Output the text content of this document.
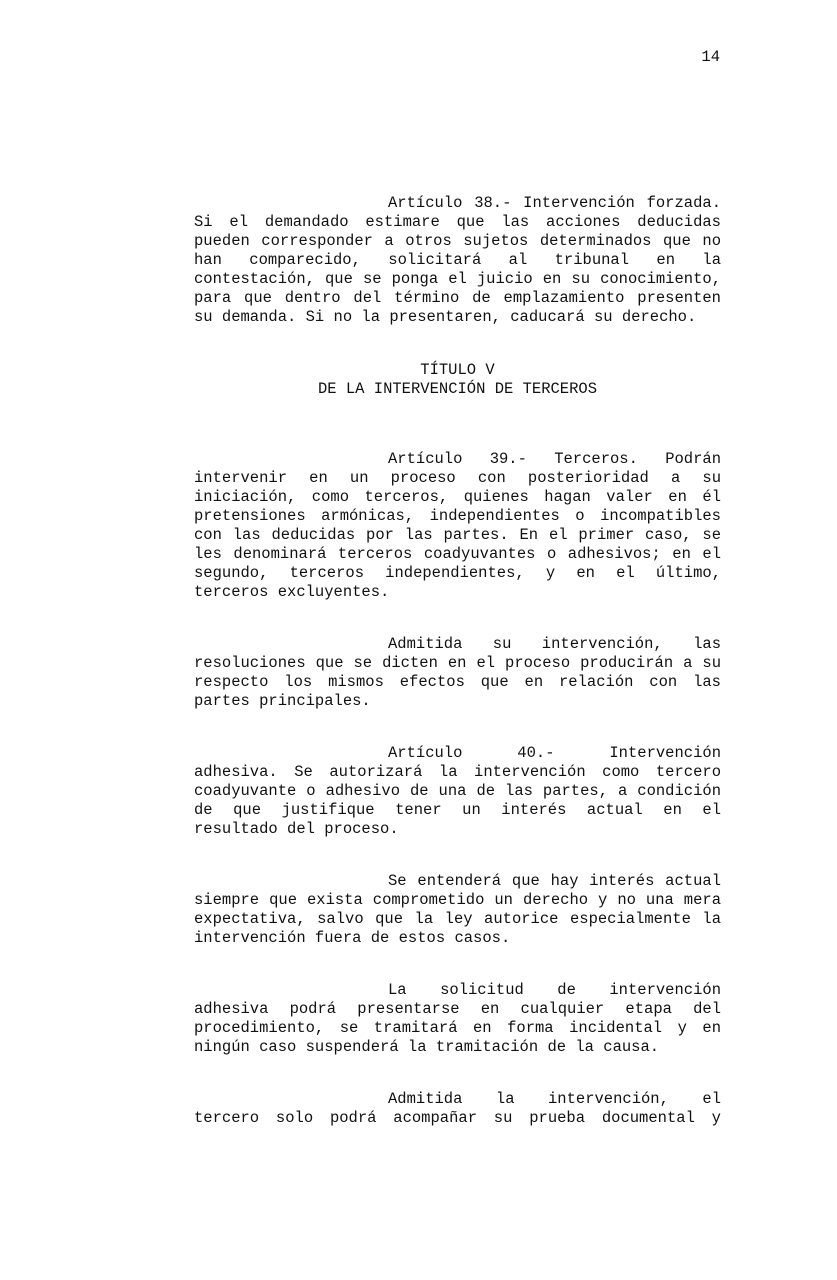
14

Artículo 38.- Intervención forzada. Si el demandado estimare que las acciones deducidas pueden corresponder a otros sujetos determinados que no han comparecido, solicitará al tribunal en la contestación, que se ponga el juicio en su conocimiento, para que dentro del término de emplazamiento presenten su demanda. Si no la presentaren, caducará su derecho.

TÍTULO V

DE LA INTERVENCIÓN DE TERCEROS

Artículo 39.- Terceros. Podrán intervenir en un proceso con posterioridad a su iniciación, como terceros, quienes hagan valer en él pretensiones armónicas, independientes o incompatibles con las deducidas por las partes. En el primer caso, se les denominará terceros coadyuvantes o adhesivos; en el segundo, terceros independientes, y en el último, terceros excluyentes.

Admitida su intervención, las resoluciones que se dicten en el proceso producirán a su respecto los mismos efectos que en relación con las partes principales.

Artículo 40.- Intervención adhesiva. Se autorizará la intervención como tercero coadyuvante o adhesivo de una de las partes, a condición de que justifique tener un interés actual en el resultado del proceso.

Se entenderá que hay interés actual siempre que exista comprometido un derecho y no una mera expectativa, salvo que la ley autorice especialmente la intervención fuera de estos casos.

La solicitud de intervención adhesiva podrá presentarse en cualquier etapa del procedimiento, se tramitará en forma incidental y en ningún caso suspenderá la tramitación de la causa.

Admitida la intervención, el tercero solo podrá acompañar su prueba documental y
